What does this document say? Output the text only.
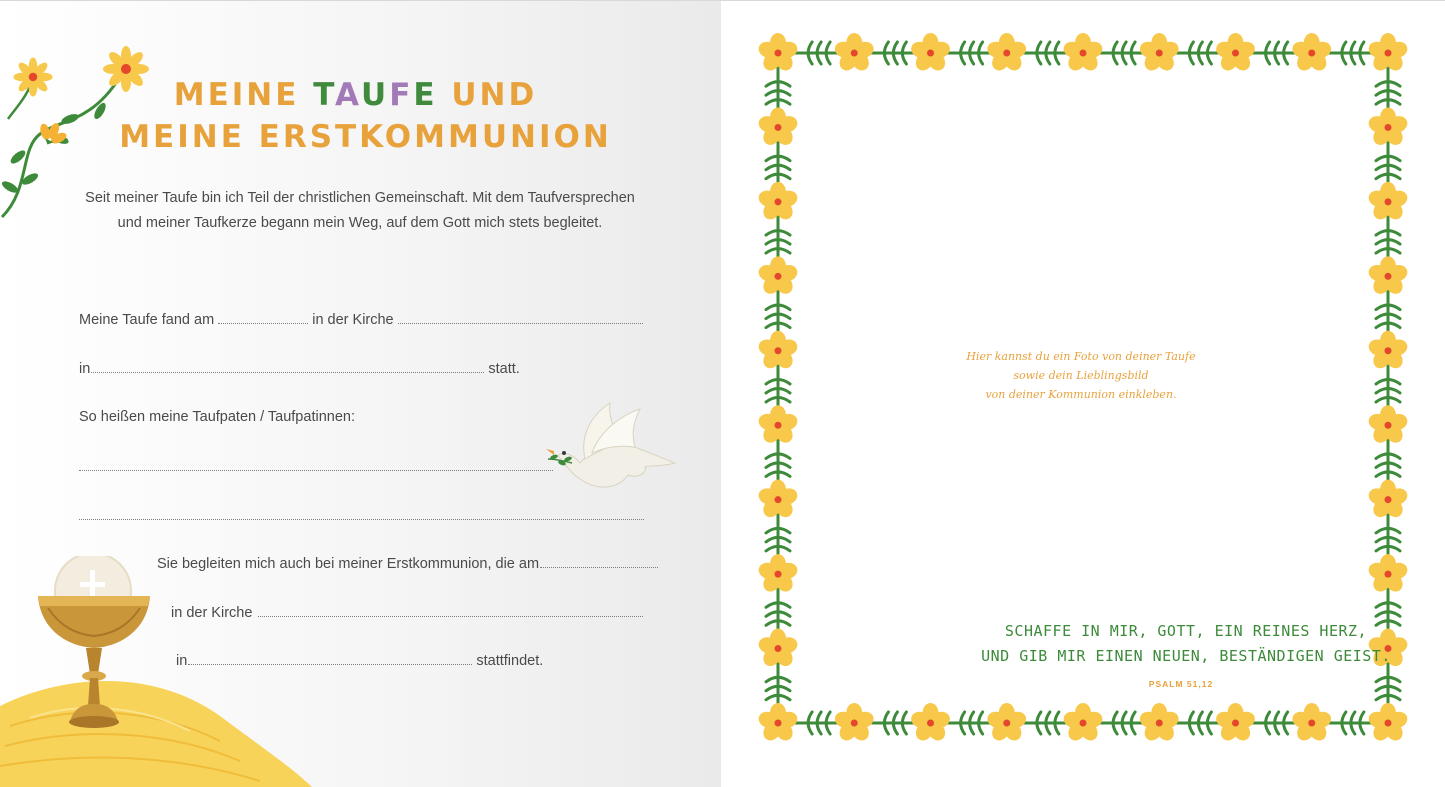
MEINE TAUFE UND
MEINE ERSTKOMMUNION
Seit meiner Taufe bin ich Teil der christlichen Gemeinschaft. Mit dem Taufversprechen
und meiner Taufkerze begann mein Weg, auf dem Gott mich stets begleitet.
Meine Taufe fand am	in der Kirche
in	statt.
So heißen meine Taufpaten / Taufpatinnen:
Sie begleiten mich auch bei meiner Erstkommunion, die am
in der Kirche
in	stattfindet.
Hier kannst du ein Foto von deiner Taufe
sowie dein Lieblingsbild
von deiner Kommunion einkleben.
SCHAFFE IN MIR, GOTT, EIN REINES HERZ,
UND GIB MIR EINEN NEUEN, BESTÄNDIGEN GEIST.
PSALM 51,12
